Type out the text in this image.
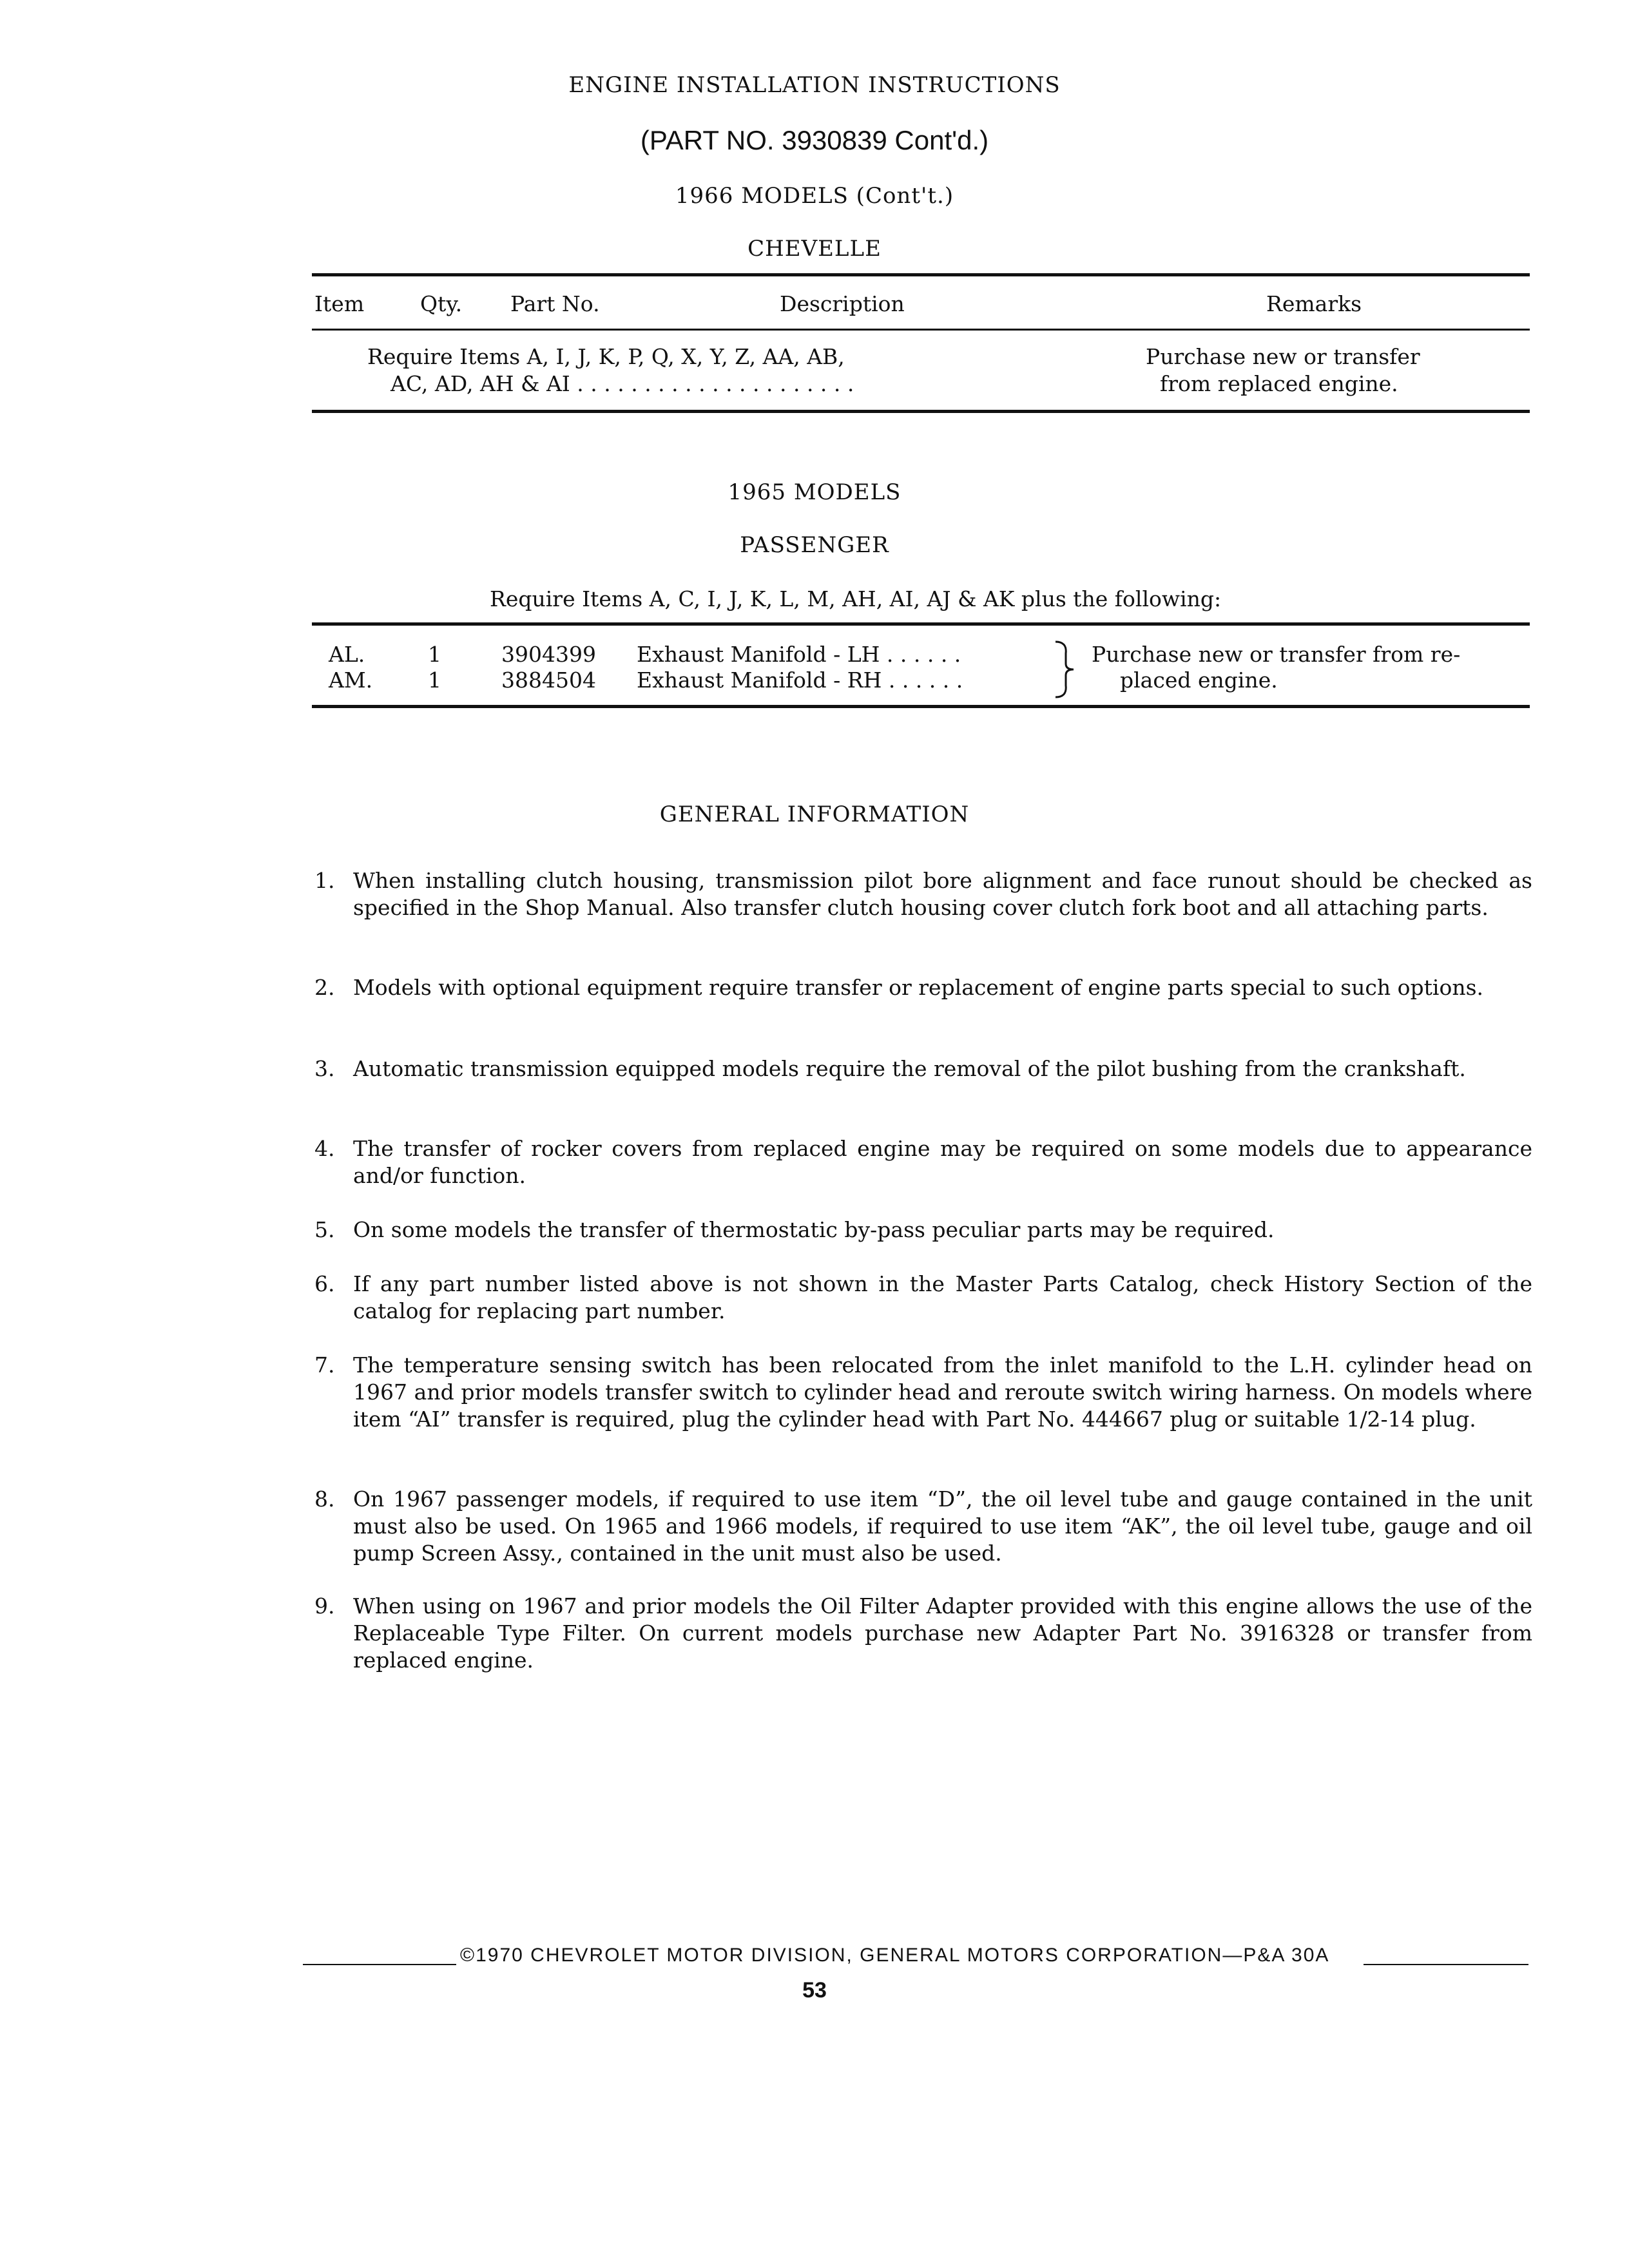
ENGINE INSTALLATION INSTRUCTIONS
(PART NO. 3930839 Cont'd.)
1966 MODELS (Cont't.)
CHEVELLE
Item	Qty. Part No.	Description	Remarks
Require Items A, I, J, K, P, Q, X, Y, Z, AA, AB,
AC, AD, AH & AI . . . . . . . . . . . . . . . . . . . . .
Purchase new or transfer
from replaced engine.
1965 MODELS
PASSENGER
Require Items A, C, I, J, K, L, M, AH, AI, AJ & AK plus the following:
AL.	1	3904399 Exhaust Manifold - LH . . . . . .
AM.	1	3884504 Exhaust Manifold - RH . . . . . .
Purchase new or transfer from re-
placed engine.
GENERAL INFORMATION
1. When installing clutch housing, transmission pilot bore alignment and face runout should be checked as specified in the Shop Manual. Also transfer clutch housing cover clutch fork boot and all attaching parts.
2. Models with optional equipment require transfer or replacement of engine parts special to such options.
3. Automatic transmission equipped models require the removal of the pilot bushing from the crankshaft.
4. The transfer of rocker covers from replaced engine may be required on some models due to appearance and/or function.
5. On some models the transfer of thermostatic by-pass peculiar parts may be required.
6. If any part number listed above is not shown in the Master Parts Catalog, check History Section of the catalog for replacing part number.
7. The temperature sensing switch has been relocated from the inlet manifold to the L.H. cylinder head on 1967 and prior models transfer switch to cylinder head and reroute switch wiring harness. On models where item “AI” transfer is required, plug the cylinder head with Part No. 444667 plug or suitable 1/2-14 plug.
8. On 1967 passenger models, if required to use item “D”, the oil level tube and gauge contained in the unit must also be used. On 1965 and 1966 models, if required to use item “AK”, the oil level tube, gauge and oil pump Screen Assy., contained in the unit must also be used.
9. When using on 1967 and prior models the Oil Filter Adapter provided with this engine allows the use of the Replaceable Type Filter. On current models purchase new Adapter Part No. 3916328 or transfer from replaced engine.
©1970 CHEVROLET MOTOR DIVISION, GENERAL MOTORS CORPORATION—P&A 30A
53
